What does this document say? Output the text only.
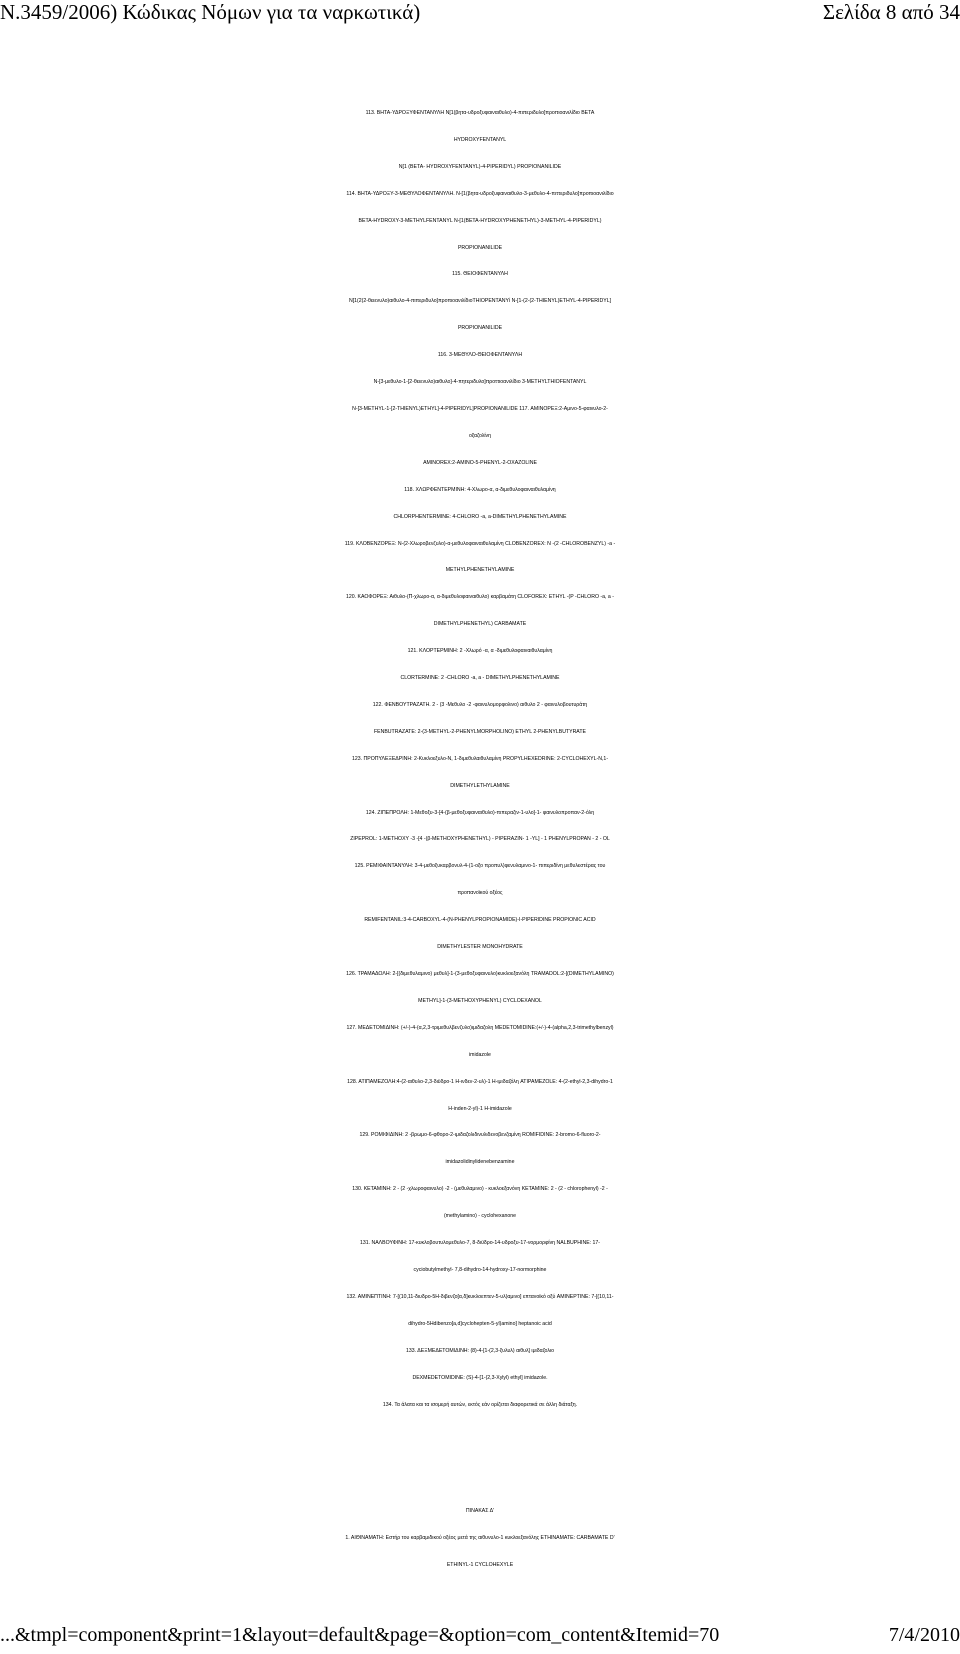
N.3459/2006) Κώδικας Νόμων για τα ναρκωτικά)	Σελίδα 8 από 34
113. ΒΗΤΑ-ΥΔΡΟΞΥΦΕΝΤΑΝΥΛΗ Ν[1(βητα-υδροξυφαιναιθυλο)-4-πιπεριδυλο]προπιοανιλίδιο BETA
HYDROXYFENTANYL
N[1 (BETA- HYDROXYFENTANYL)-4-PIPERIDYL) PROPIONANILIDE
114. ΒΗΤΑ-ΥΔΡΟΞΥ-3-ΜΕΘΥΛΟΦΕΝΤΑΝΥΛΗ. Ν-[1(βητα-υδροξυφαιναιθυλο-3-μεθυλο-4-πιττεριδυλο]προπιοανιλίδιο
BETA-HYDROXY-3-METHYLFENTANYL N-[1(BETA-HYDROXYPHENETHYL)-3-METHYL-4-PIPERIDYL)
PROPIONANILIDE
115. ΘΕΙΟΦΕΝΤΑΝΥΛΗ
Ν[1(2(2-θειενυλο)αιθυλο-4-πιπεριδυλο]προπιοανιλίδιοTHIOPENTANYί N-[1-(2-(2-THIENYL)ETHYL-4-PIPERIDYL]
PROPIONANILIDE
116. 3-ΜΕΘΥΛΟ-ΘΕΙΟΦΕΝΤΑΝΥΛΗ
Ν-[3-μεθυλο-1-[2-θειενυλο)αιθυλο]-4-πητεριδυλο]προττιοανιλίδιο 3-METHYLTHIOFENTANYL
N-[3-METHYL-1-[2-THIENYL)ETHYL]-4-PIPERIDYL]PROPIONANILIDE 117. ΑΜΙΝΟΡΕΞ:2-Αμινο-5-φαινυλο-2-
οξαζολίνη
AMINOREX:2-AMINO-5-PHENYL-2-OXAZOLINE
118. ΧΛΩΡΦΕΝΤΕΡΜΙΝΗ: 4-Χλωρο-α, α-διμεθυλοφαιναιθυλαμίνη
CHLORPHENTERMINE: 4-CHLORO -a, a-DIMETHYLPHENETHYLAMINE
119. ΚΛΟΒΕΝΖΟΡΕΞ: Ν-(2-Χλωροβενζυλο)-α-μεθυλοφαιναιθυλαμίνη CLOBENZOREX: N -(2 -CHLOROBENZYL) -a -
METHYLPHENETHYLAMINE
120. ΚΑΟΦΟΡΕΞ: Αιθυλο-(Π-χλωρο-α, α-διμεθυλοφαιναιθυλο) καρβαμάτη CLOFOREX: ETHYL -(P -CHLORO -a, a -
DIMETHYLPHENETHYL) CARBAMATE
121. ΚΛΟΡΤΕΡΜΙΝΗ: 2 -Χλωρό -α, α -διμεθυλοφαιναιθυλαμίνη
CLORTERMINE: 2 -CHLORO -a, a - DIMETHYLPHENETHYLAMINE
122. ΦΕΝΒΟΥΤΡΑΖΑΤΗ. 2 - (3 -Μεθυλο -2 -φαινυλομορφολινο) αιθυλο 2 - φαινυλοβουτυράτη
FENBUTRAZATE: 2-(3-METHYL-2-PHENYLMORPHOLINO) ETHYL 2-PHENYLBUTYRATE
123. ΠΡΟΠΥΛΕΞΕΔΡΙΝΗ: 2-Κυκλοεξυλο-Ν, 1-διμεθυλαιθυλαμίνη PROPYLHEXEDRINE: 2-CYCLOHEXYL-N,1-
DIMETHYLETHYLAMINE
124. ΖΙΠΕΠΡΟΛΗ: 1-Μεθοξυ-3-[4-(β-μεθοξυφαιναιθυλο)-πιπεραζιν-1-υλο]-1- φαινυλοπροπαν-2-όλη
ZIPEPROL: 1-METHOXY -3 -[4 -(β-METHOXYPHENETHYL) - PIPERAZIN- 1 -YL] - 1 PHENYLPROPAN - 2 - OL
125. ΡΕΜΙΦΑΙΝΤΑΝΥΛΗ: 3-4-μεθοξυκαρβονυλ-4-(1-οξο προπυλ)φενυλαμινο-1- πιπεριδίνη μεθυλεστέρας του
προπανοϊκού οξέος
REMIFENTANIL:3-4-CARBOXYL-4-(N-PHENYLPROPIONAMIDE)-I-PIPERIDINE PROPIONIC ACID
DIMETHYLESTER MONOHYDRATE
126. ΤΡΑΜΑΔΟΛΗ: 2-[(διμεθυλαμινο) μεθυλ]-1-(3-μεθοξυφαινυλο)κυκλοεξανόλη TRAMADOL:2-[(DIMETHYLAMINO)
METHYL]-1-(3-METHOXYPHENYL) CYCLOEXANOL
127. ΜΕΔΕΤΟΜΙΔΙΝΗ: (+/-)-4-(α,2,3-τριμεθυλβενζυλο)ιμιδαζολη MEDETOMIDINE:(+/-)-4-(alpha,2,3-trimethylbenzyl)
imidazole
128. ΑΤΙΠΑΜΕΖΟΛΗ:4-(2-αιθυλο-2,3-διϋδρο-1 Η-ινδεν-2-υλ)-1 Η-ιμιδαζόλη ATIPAMEZOLE: 4-(2-ethyl-2,3-dihydro-1
H-inden-2-yl)-1 H-imidazole
129. ΡΟΜΙΦΙΔΙΝΗ: 2 -βρωμο-6-φθορο-2-ιμιδαζολιδινυλιδενοβενζαμίνη ROMIFIDINE: 2-bromo-6-fluoro-2-
imidazolidinylidenebenzamine
130. ΚΕΤΑΜΙΝΗ: 2 - (2 -χλωροφαινυλο) -2 - (μεθυλαμινο) - κυκλοεξανόνη KETAMINE: 2 - (2 - chlorophenyl) -2 -
(methylamino) - cyclohexanone
131. ΝΑΛΒΟΥΦΙΝΗ: 17-κυκλοβουτυλομεθυλο-7, 8-διϋδρο-14-υδροξυ-17-νορμορφίνη NALBUPHINE: 17-
cyciobutylmethyl- 7,8-dihydro-14-hydroxy-17-normorphine
132. ΑΜΙΝΕΠΤΙΝΗ: 7-[(10,11-διυδρο-5Η-διβενζο[α,δ]κυκλοεπτεν-5-υλ)αμινο] επτανοϊκό οξύ AMINEPTINE: 7-[(10,11-
dihydro-5Hdibenzo[a,d]cyclohepten-5-yl)amino] heptanoic acid
133. ΔΕΞΜΕΔΕΤΟΜΙΔΙΝΗ: (8)-4-[1-(2,3-ξυλυλ) αιθυλ] ιμιδαζολιο
DEXMEDETOMIDINE: (S)-4-[1-(2,3-Xylyl) ethyl] imidazole.
134. Τα άλατα και τα ισομερή αυτών, εκτός εάν ορίζεται διαφορετικά σε άλλη διάταξη.
ΠΙΝΑΚΑΣ Δ'
1. ΑΙΘΙΝΑΜΑΤΗ: Εστήρ του καρβαμιδικού οξέος μετά της αιθυνυλο-1 κυκλοεξανόλης ETHINAMATE: CARBAMATE D'
ETHINYL-1 CYCLOHEXYLE
...&tmpl=component&print=1&layout=default&page=&option=com_content&Itemid=70	7/4/2010
